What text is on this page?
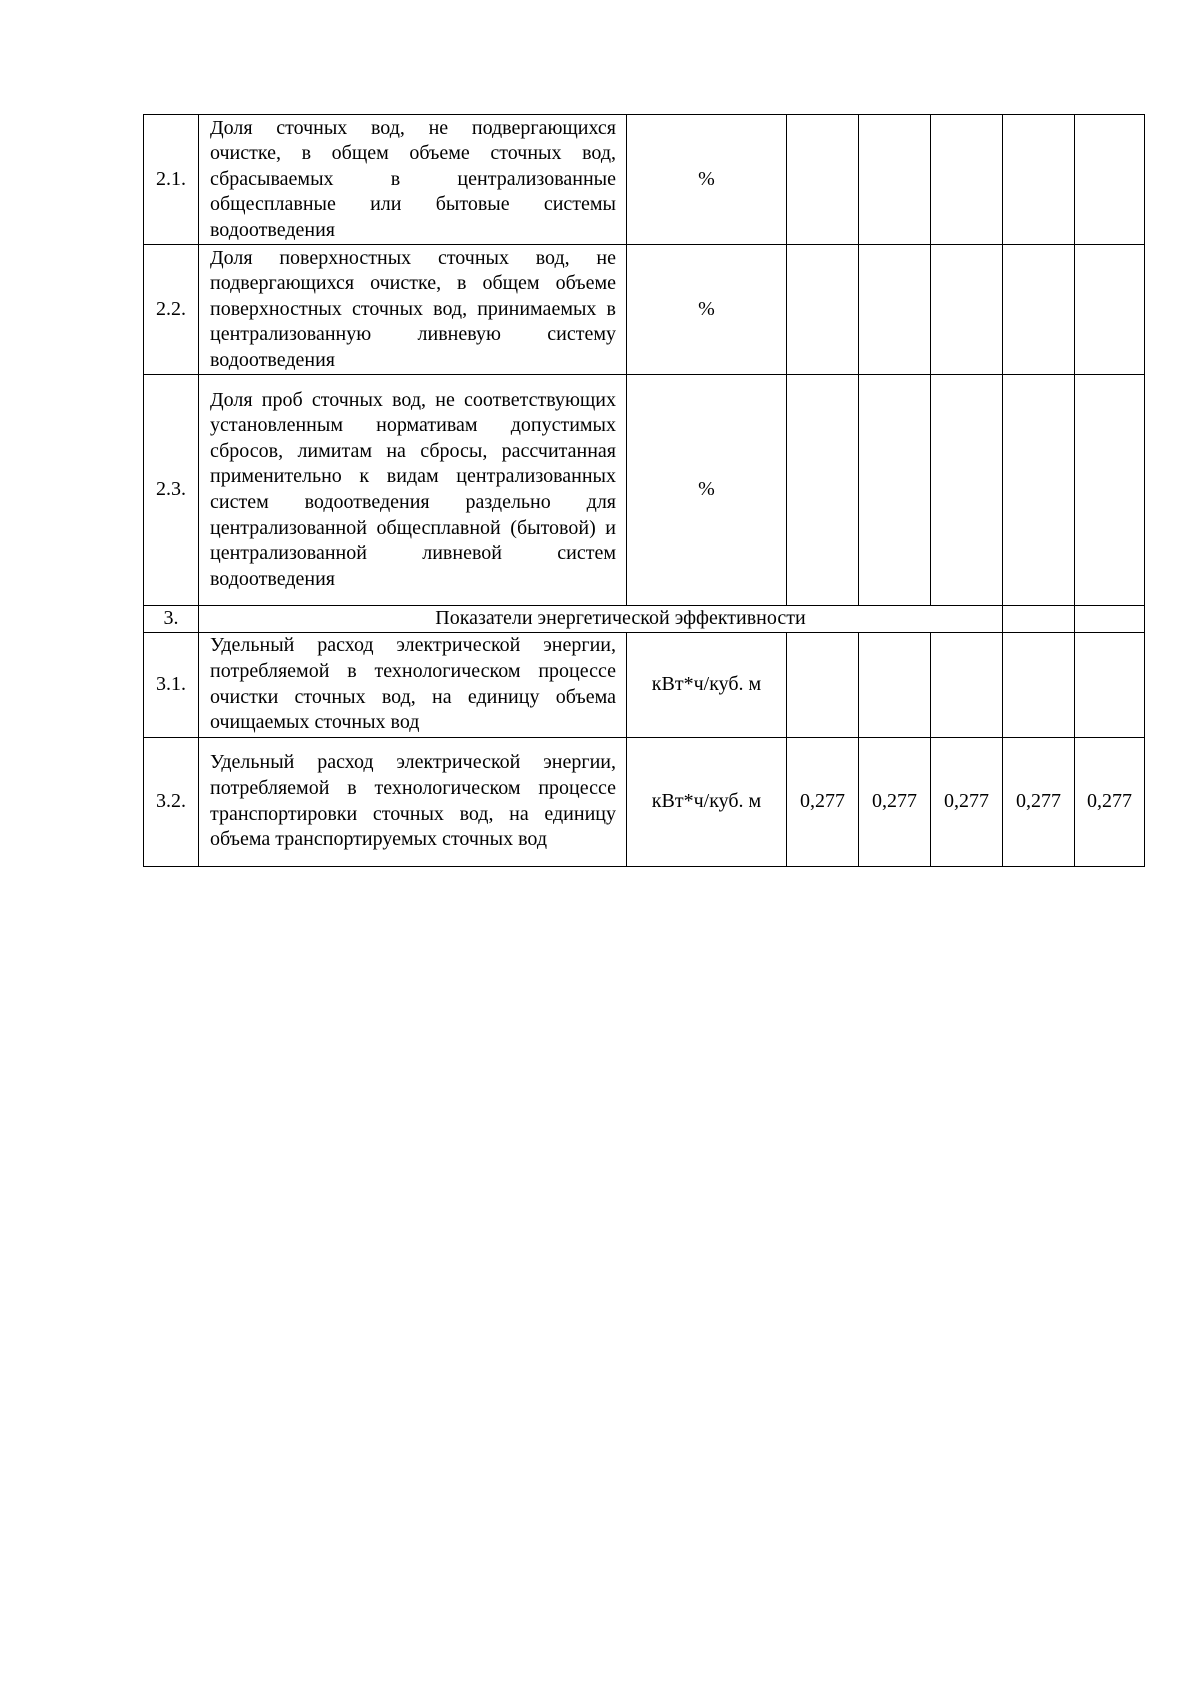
2.1.	Доля сточных вод, не подвергающихся очистке, в общем объеме сточных вод, сбрасываемых в централизованные общесплавные или бытовые системы водоотведения	%					
2.2.	Доля поверхностных сточных вод, не подвергающихся очистке, в общем объеме поверхностных сточных вод, принимаемых в централизованную ливневую систему водоотведения	%					
2.3.	Доля проб сточных вод, не соответствующих установленным нормативам допустимых сбросов, лимитам на сбросы, рассчитанная применительно к видам централизованных систем водоотведения раздельно для централизованной общесплавной (бытовой) и централизованной ливневой систем водоотведения	%					
3.	Показатели энергетической эффективности						
3.1.	Удельный расход электрической энергии, потребляемой в технологическом процессе очистки сточных вод, на единицу объема очищаемых сточных вод	кВт*ч/куб. м					
3.2.	Удельный расход электрической энергии, потребляемой в технологическом процессе транспортировки сточных вод, на единицу объема транспортируемых сточных вод	кВт*ч/куб. м	0,277	0,277	0,277	0,277	0,277
